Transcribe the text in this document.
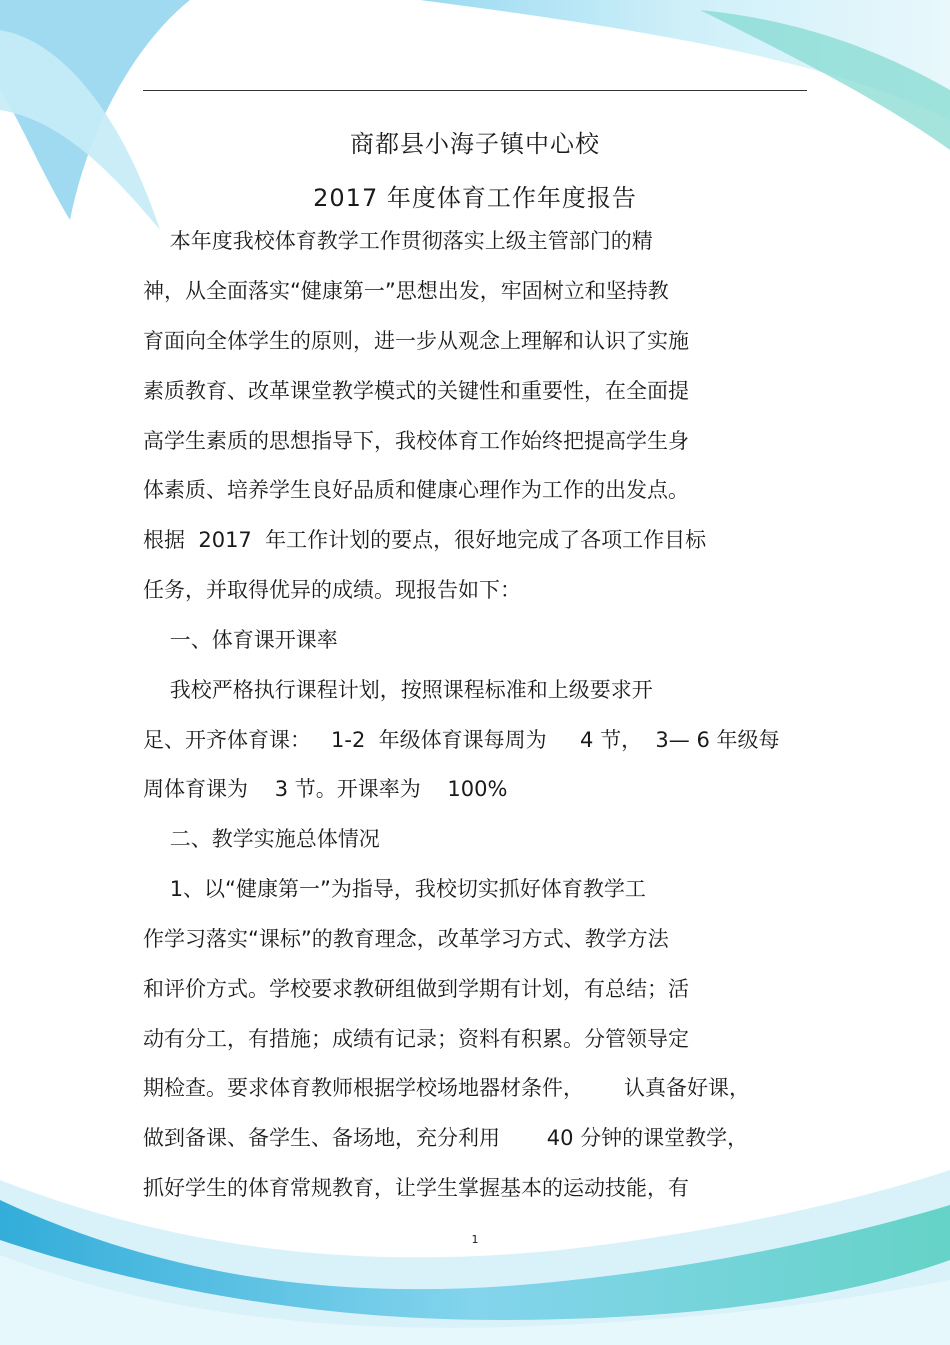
商都县小海子镇中心校
2017 年度体育工作年度报告
本年度我校体育教学工作贯彻落实上级主管部门的精
神，从全面落实“健康第一”思想出发，牢固树立和坚持教
育面向全体学生的原则，进一步从观念上理解和认识了实施
素质教育、改革课堂教学模式的关键性和重要性，在全面提
高学生素质的思想指导下，我校体育工作始终把提高学生身
体素质、培养学生良好品质和健康心理作为工作的出发点。
根据  2017  年工作计划的要点，很好地完成了各项工作目标
任务，并取得优异的成绩。现报告如下：
一、体育课开课率
我校严格执行课程计划，按照课程标准和上级要求开
足、开齐体育课：   1-2  年级体育课每周为     4 节，  3— 6 年级每
周体育课为    3 节。开课率为    100%
二、教学实施总体情况
1、以“健康第一”为指导，我校切实抓好体育教学工
作学习落实“课标”的教育理念，改革学习方式、教学方法
和评价方式。学校要求教研组做到学期有计划，有总结；活
动有分工，有措施；成绩有记录；资料有积累。分管领导定
期检查。要求体育教师根据学校场地器材条件，      认真备好课，
做到备课、备学生、备场地，充分利用       40 分钟的课堂教学，
抓好学生的体育常规教育，让学生掌握基本的运动技能，有
1
